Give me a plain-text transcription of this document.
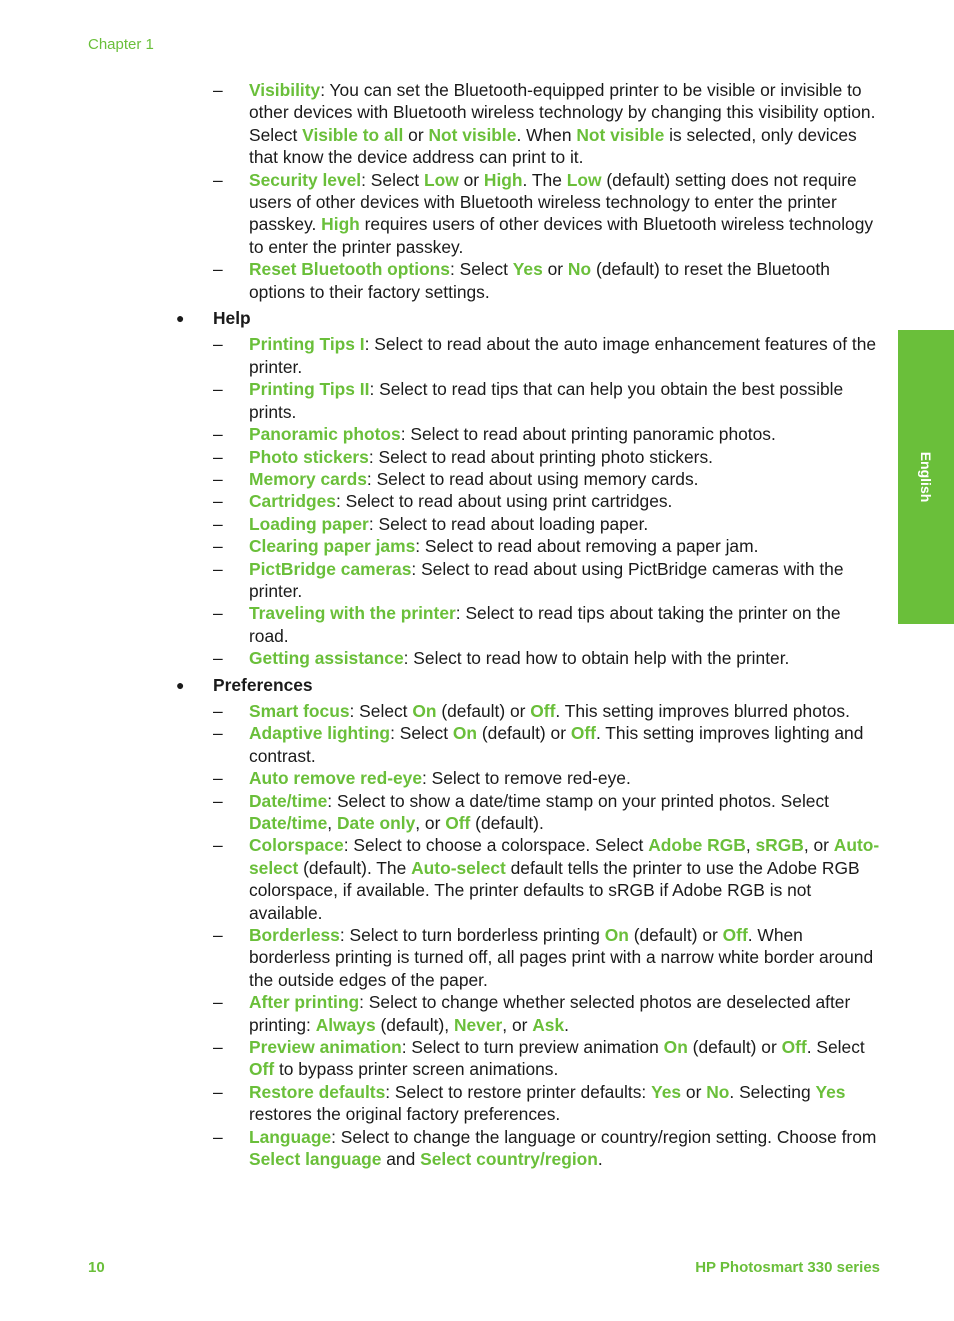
Chapter 1
English
– Visibility: You can set the Bluetooth-equipped printer to be visible or invisible to other devices with Bluetooth wireless technology by changing this visibility option. Select Visible to all or Not visible. When Not visible is selected, only devices that know the device address can print to it.
– Security level: Select Low or High. The Low (default) setting does not require users of other devices with Bluetooth wireless technology to enter the printer passkey. High requires users of other devices with Bluetooth wireless technology to enter the printer passkey.
– Reset Bluetooth options: Select Yes or No (default) to reset the Bluetooth options to their factory settings.
● Help
– Printing Tips I: Select to read about the auto image enhancement features of the printer.
– Printing Tips II: Select to read tips that can help you obtain the best possible prints.
– Panoramic photos: Select to read about printing panoramic photos.
– Photo stickers: Select to read about printing photo stickers.
– Memory cards: Select to read about using memory cards.
– Cartridges: Select to read about using print cartridges.
– Loading paper: Select to read about loading paper.
– Clearing paper jams: Select to read about removing a paper jam.
– PictBridge cameras: Select to read about using PictBridge cameras with the printer.
– Traveling with the printer: Select to read tips about taking the printer on the road.
– Getting assistance: Select to read how to obtain help with the printer.
● Preferences
– Smart focus: Select On (default) or Off. This setting improves blurred photos.
– Adaptive lighting: Select On (default) or Off. This setting improves lighting and contrast.
– Auto remove red-eye: Select to remove red-eye.
– Date/time: Select to show a date/time stamp on your printed photos. Select Date/time, Date only, or Off (default).
– Colorspace: Select to choose a colorspace. Select Adobe RGB, sRGB, or Auto-select (default). The Auto-select default tells the printer to use the Adobe RGB colorspace, if available. The printer defaults to sRGB if Adobe RGB is not available.
– Borderless: Select to turn borderless printing On (default) or Off. When borderless printing is turned off, all pages print with a narrow white border around the outside edges of the paper.
– After printing: Select to change whether selected photos are deselected after printing: Always (default), Never, or Ask.
– Preview animation: Select to turn preview animation On (default) or Off. Select Off to bypass printer screen animations.
– Restore defaults: Select to restore printer defaults: Yes or No. Selecting Yes restores the original factory preferences.
– Language: Select to change the language or country/region setting. Choose from Select language and Select country/region.
10	HP Photosmart 330 series
